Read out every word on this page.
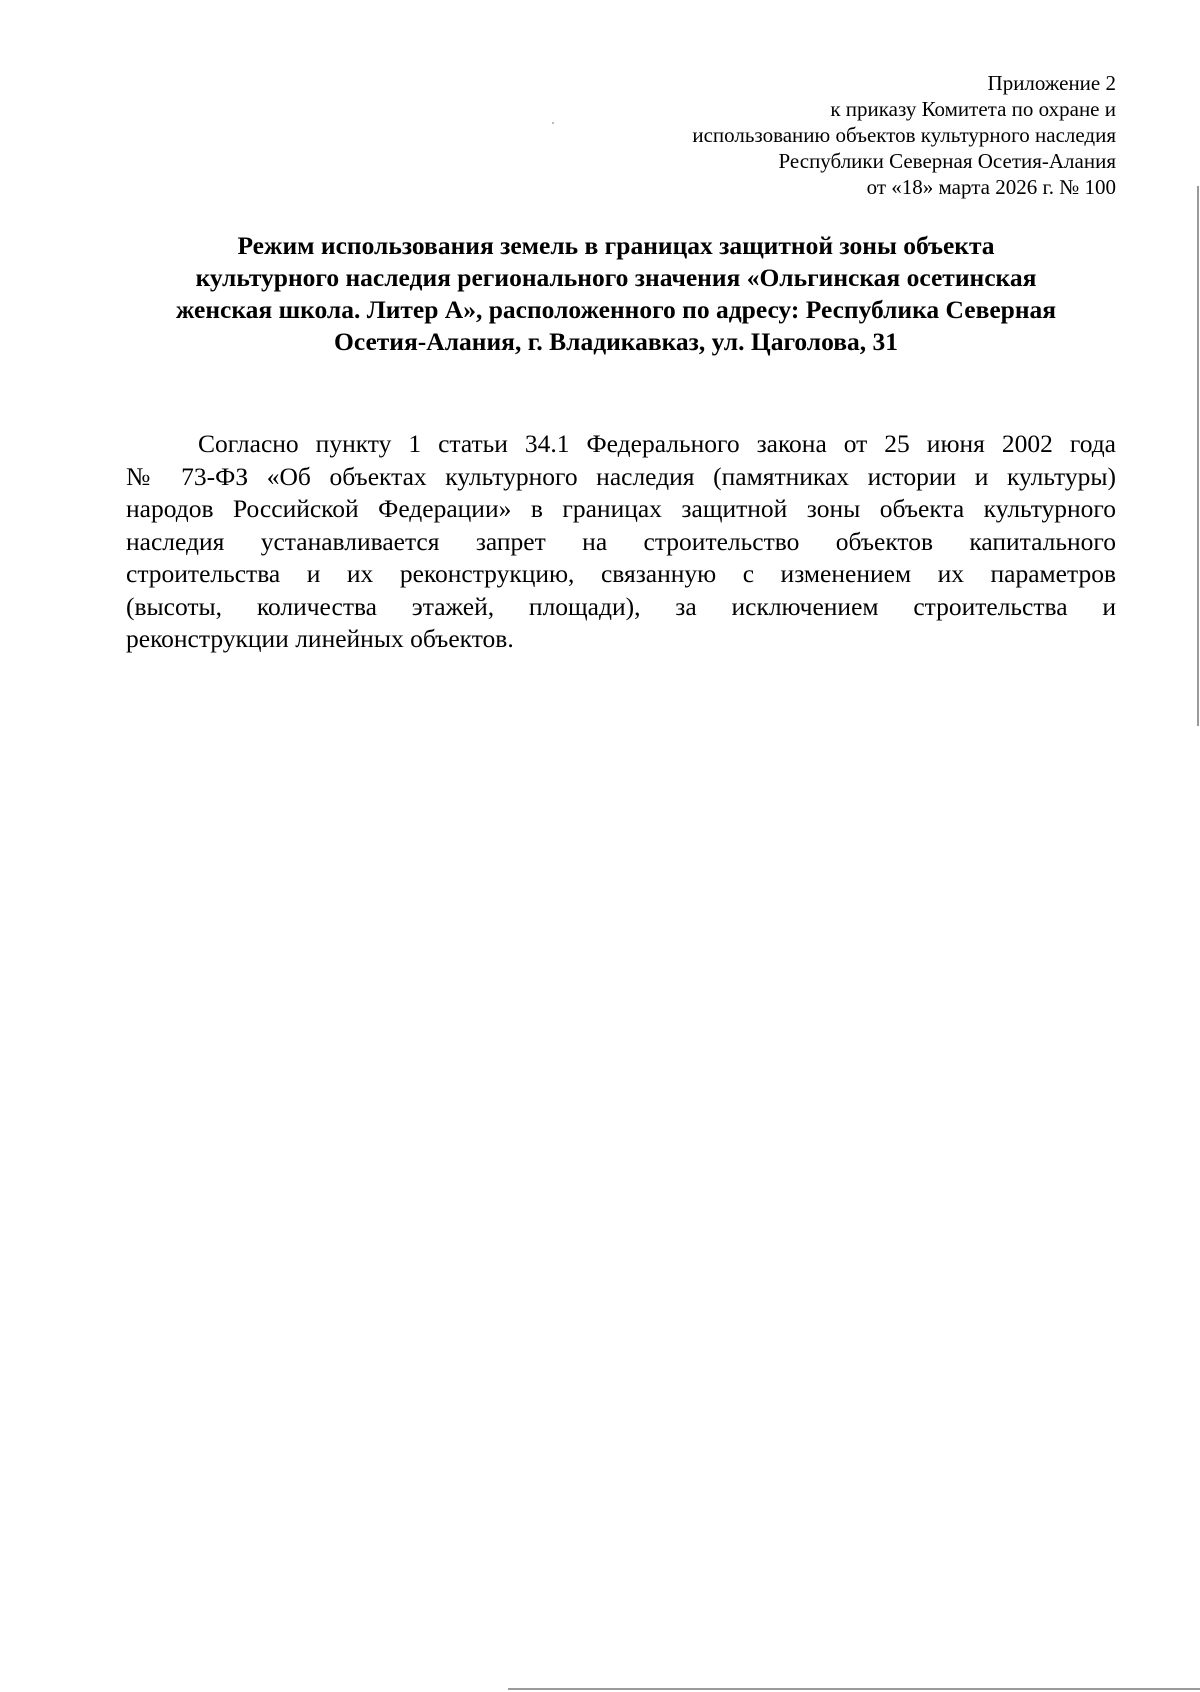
Приложение 2
к приказу Комитета по охране и
использованию объектов культурного наследия
Республики Северная Осетия-Алания
от «18» марта 2026 г. № 100
Режим использования земель в границах защитной зоны объекта
культурного наследия регионального значения «Ольгинская осетинская
женская школа. Литер А», расположенного по адресу: Республика Северная
Осетия-Алания, г. Владикавказ, ул. Цаголова, 31
Согласно пункту 1 статьи 34.1 Федерального закона от 25 июня 2002 года
№ 73-ФЗ «Об объектах культурного наследия (памятниках истории и культуры)
народов Российской Федерации» в границах защитной зоны объекта культурного
наследия устанавливается запрет на строительство объектов капитального
строительства и их реконструкцию, связанную с изменением их параметров
(высоты, количества этажей, площади), за исключением строительства и
реконструкции линейных объектов.
